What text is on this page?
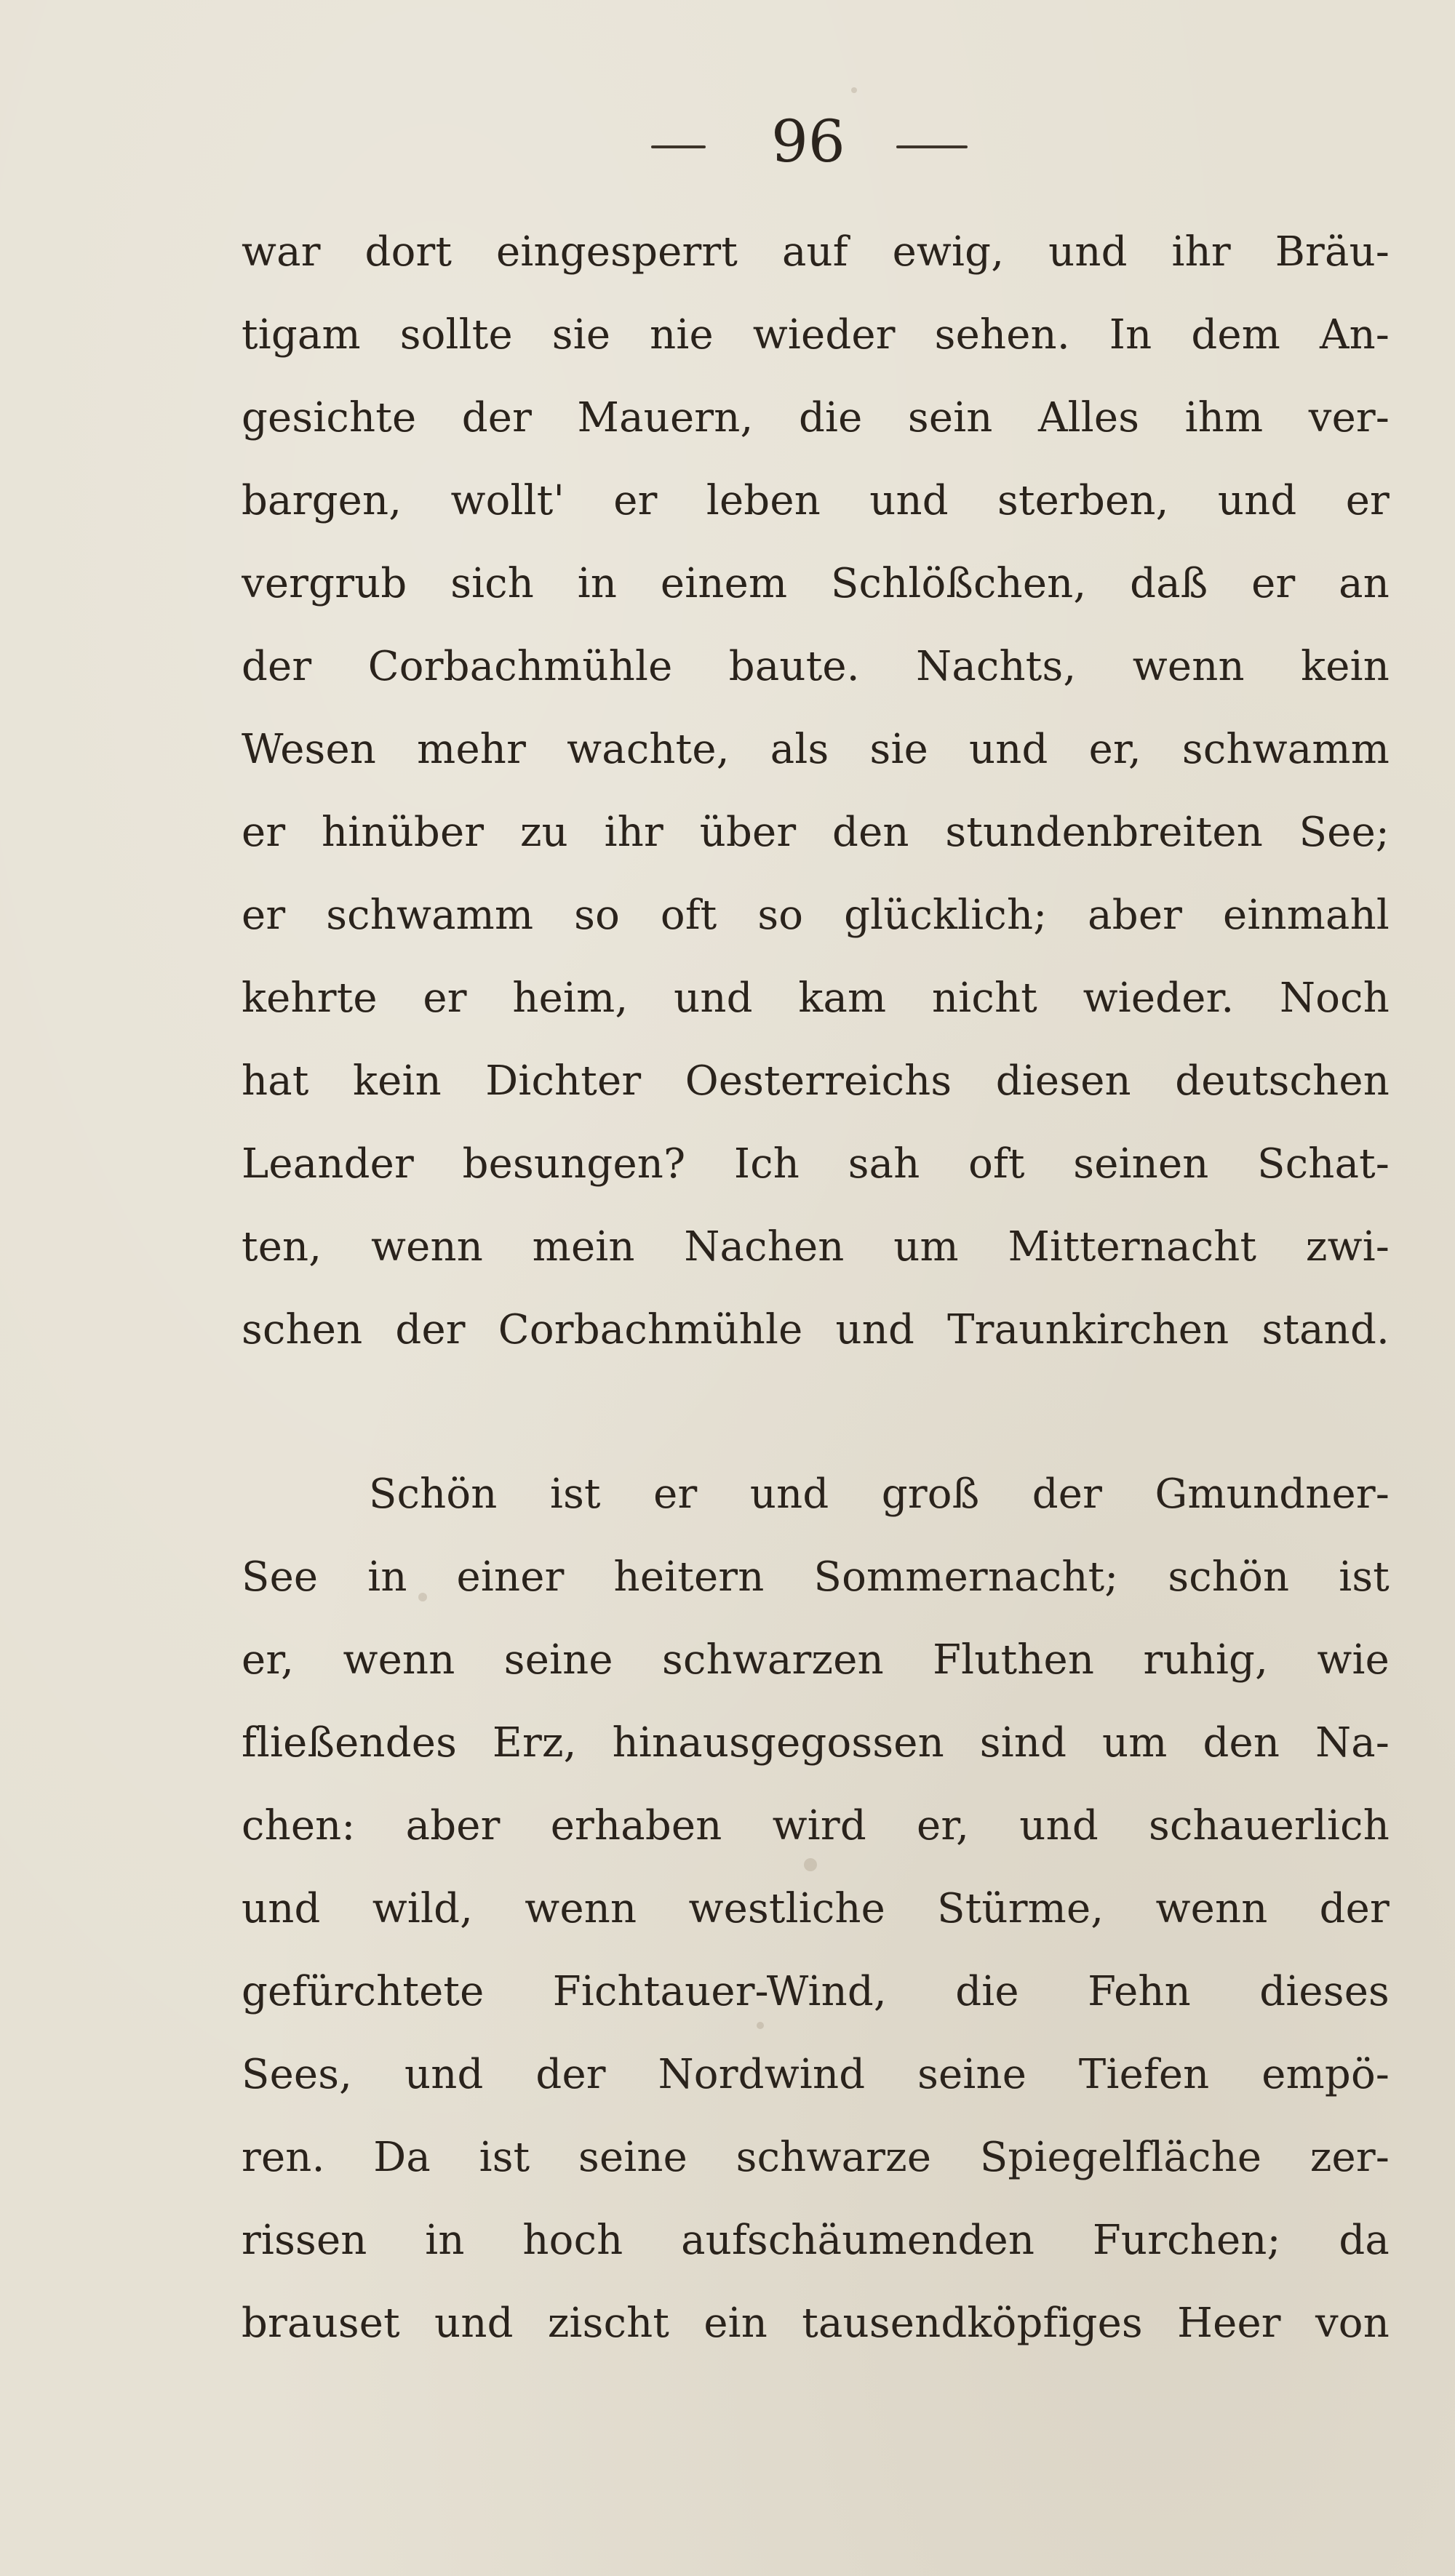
96
war dort eingesperrt auf ewig, und ihr Bräu-
tigam sollte sie nie wieder sehen. In dem An-
gesichte der Mauern, die sein Alles ihm ver-
bargen, wollt' er leben und sterben, und er
vergrub sich in einem Schlößchen, daß er an
der Corbachmühle baute. Nachts, wenn kein
Wesen mehr wachte, als sie und er, schwamm
er hinüber zu ihr über den stundenbreiten See;
er schwamm so oft so glücklich; aber einmahl
kehrte er heim, und kam nicht wieder. Noch
hat kein Dichter Oesterreichs diesen deutschen
Leander besungen? Ich sah oft seinen Schat-
ten, wenn mein Nachen um Mitternacht zwi-
schen der Corbachmühle und Traunkirchen stand.
Schön ist er und groß der Gmundner-
See in einer heitern Sommernacht; schön ist
er, wenn seine schwarzen Fluthen ruhig, wie
fließendes Erz, hinausgegossen sind um den Na-
chen: aber erhaben wird er, und schauerlich
und wild, wenn westliche Stürme, wenn der
gefürchtete Fichtauer-Wind, die Fehn dieses
Sees, und der Nordwind seine Tiefen empö-
ren. Da ist seine schwarze Spiegelfläche zer-
rissen in hoch aufschäumenden Furchen; da
brauset und zischt ein tausendköpfiges Heer von
